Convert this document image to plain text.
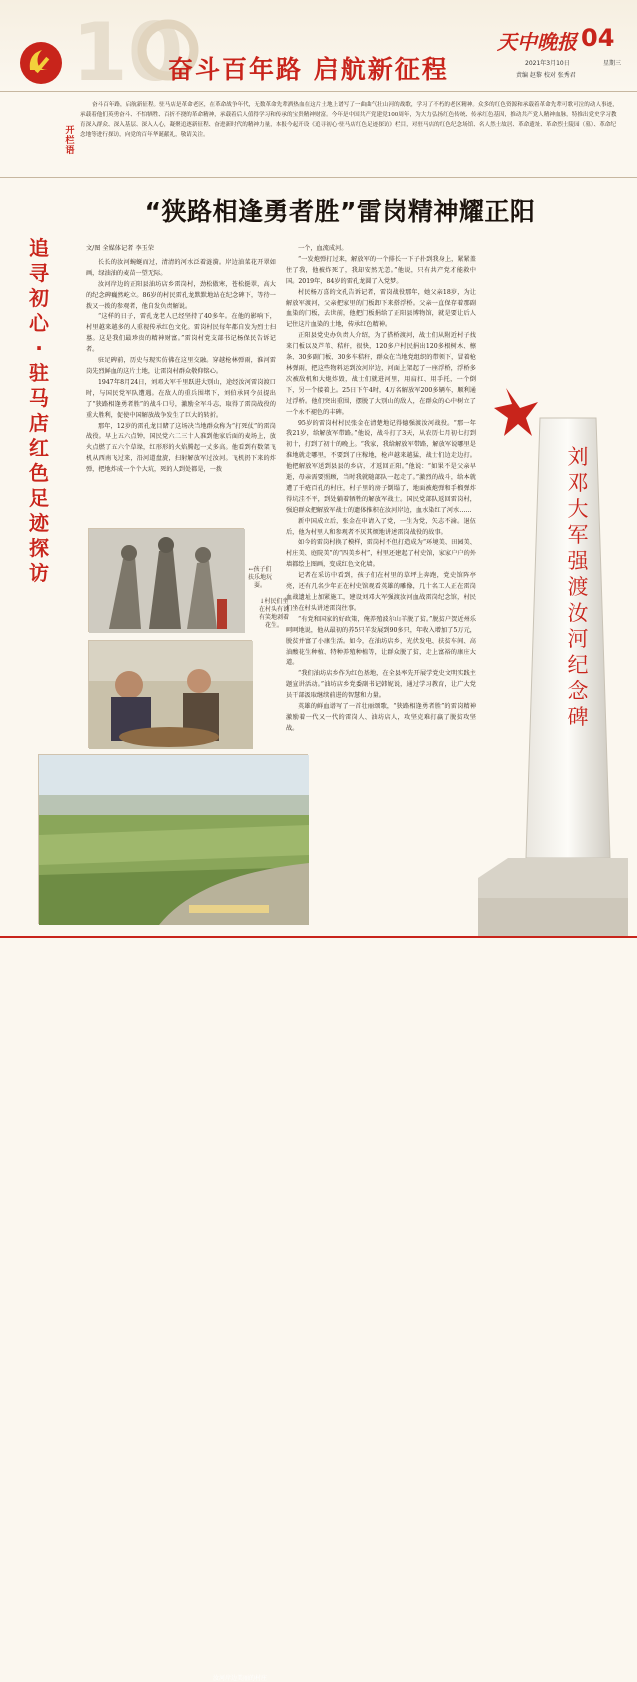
10
奋斗百年路 启航新征程
天中晚报 04
2021年3月10日	星期三
责编 赵黎 校对 张秀君
开栏语
奋斗百年路，启航新征程。驻马店是革命老区，在革命战争年代，无数革命先辈洒热血在这片土地上谱写了一曲曲气壮山河的战歌，学习了不朽的老区精神。众多的红色资源和承载着革命先辈可歌可泣的动人事迹，承载着他们英勇奋斗、不怕牺牲、百折不挠的革命精神，承载着后人值得学习和传承的宝贵精神财富。今年是中国共产党建党100周年，为大力弘扬红色传统、传承红色基因，推动共产党人精神血脉，特推出党史学习教育深入群众、深入基层、深入人心，凝聚追逐新征程、奋进新时代的精神力量，本报今起开设《追寻初心·驻马店红色足迹探访》栏目，对驻马店的红色纪念场馆、名人然士故居、革命遗址、革命烈士陵园（墓）、革命纪念地等进行探访，向党的百年华诞献礼，敬请关注。
“狭路相逢勇者胜”雷岗精神耀正阳
追寻初心·驻马店红色足迹探访
文/图 全媒体记者 李玉荣

长长的汝河蜿蜒而过，清清的河水泛着涟漪。岸边油菜花开翠如画，绿油油的麦苗一望无际。

汝河岸边的正阳县油坊店乡雷岗村，劲松傲寒，苍松挺翠，高大的纪念碑巍然屹立。86岁的村民雷孔龙默默地站在纪念碑下，等待一拨又一拨的参观者，他自发负责解说。

“这样的日子，雷孔龙老人已经坚持了40多年。在他的影响下，村里越来越多的人重视传承红色文化。雷岗村民每年都自发为烈士扫墓。这是我们最珍贵的精神财富。”雷岗村党支部书记杨保民告诉记者。

驻足碑前，历史与现实仿佛在这里交融。穿越枪林弹雨，淮河雷岗先烈鲜血的这片土地，让雷岗村群众敬仰铭心。

1947年8月24日，刘邓大军千里跃进大别山，途经汝河雷岗渡口时，与国民党军队遭遇。在敌人的重兵围堵下，刘伯承同令员提出了“狭路相逢勇者胜”的战斗口号，激励全军斗志，取得了雷岗战役的重大胜利，促使中国解放战争发生了巨大的转折。

那年，12岁的雷孔龙目睹了这场决当地群众称为“打死仗”的雷岗战役。早上五六点钟，国民党六二三十人准到他家后面的麦场上，放火点燃了五六个草垛，红形形的火焰腾起一丈多高。他看到有数架飞机从西南飞过来，沿河道盘旋，扫射解放军过汝河。飞机扔下来的炸弹，把地炸成一个个大坑，死的人到处都是，一拨

一个，血流成河。

“一发炮弹打过来，解放军的一个排长一下子扑到我身上，紧紧盖住了我，他被炸死了，我却安然无恙。”他说，只有共产党才能救中国。2019年，84岁的雷孔龙圆了入党梦。

村民杨万喜的文孔告诉记者，雷岗战役那年，她父亲18岁，为让解放军渡河，父亲把家里的门板卸下来搭浮桥。父亲一直保存着那副血染的门板，去世前，他把门板捐给了正阳县博物馆，就是要让后人记住这片血染的土地，传承红色精神。

正阳县党史办负责人介绍，为了搭桥渡河，战士们从附近村子找来门板以及芦苇、秸秆，很快，120多户村民捐出120多根树木、檩条、30多副门板、30多车秸秆，群众在当地党组织的带领下，冒着枪林弹雨，把这些物料运到汝河岸边，河面上架起了一座浮桥，浮桥多次被敌机和大炮炸毁，战士们就进河里，用肩扛、用手托，一个倒下，另一个接着上。25日下午4时，4万名解放军200多辆车，顺利通过浮桥。他们突出重围，摆脱了大别山的敌人，在群众的心中树立了一个永不褪色的丰碑。

95岁的雷岗村村民张金在清楚地记得德强渡汝河战役。“那一年我21岁，给解放军带路。”他说，战斗打了3天，从农历七月初七打到初十，打到了初十的晚上。“我家，我给解放军带路，解放军说哪里是淮地就走哪里，不要到了庄稼地，枪声越来越猛，战士们边走边打。他把解放军送到县县的乡店，才返回正阳。”他说：“如果不是父亲早逝，母亲需要照顾，当时我就随部队一起走了。”激烈的战斗，给本就遭了千疮百孔的村庄，村子里的房子倒塌了，地面被炮弹和手榴弹炸得坑洼不平，到处躺着牺牲的解放军战士。国民党部队返回雷岗村，强迫群众把解放军战士的遗体推积在汝河岸边，血水染红了河水……

新中国成立后，张金在申请入了党，一生为党，矢志不渝。退伍后，他为村里人和参观者不厌其烦地讲述雷岗战役的故事。

如今的雷岗村换了模样，雷岗村不但打造成为“环境美、田园美、村庄美、庭院美”的“四美乡村”，村里还建起了村史馆，家家户户的外墙都绘上图画，变成红色文化墙。

记者在采访中看到，孩子们在村里的草坪上奔跑，党史馆阵亭亮，还有几名少年正在村史馆观看英雄的雕像，几十名工人正在雷岗血战遗址上加紧施工，建设刘邓大军强渡汝河血战雷岗纪念馆，村民们坐在村头讲述雷岗往事。

“有党和国家的好政策，俺养殖波尔山羊脱了贫。”脱贫户贺近州乐呵呵地说，他从最初的养5只羊发展到90多只，年收入增加了5万元，脱贫并富了小康生活。如今，在油坊店乡，光伏发电、扶贫车间、高油酸花生种植、特种养殖种植等，让群众脱了贫，走上富裕的康庄大道。

“我们油坊店乡作为红色基地，在全县率先开展学党史文明实践主题宣讲活动。”油坊店乡党委副书记韩妮说，通过学习教育，让广大党员干部汲取继续前进的智慧和力量。

英雄的鲜血谱写了一首壮丽颂歌，“狭路相逢勇者胜”的雷岗精神激励着一代又一代的雷岗人、油坊店人，攻坚克难打赢了脱贫攻坚战。

←孩子们扶乐地玩耍。
↓村民们坐在村头有说有笑地剥着花生。
汝河岸边美丽的村庄
刘邓大军强渡汝河纪念碑
